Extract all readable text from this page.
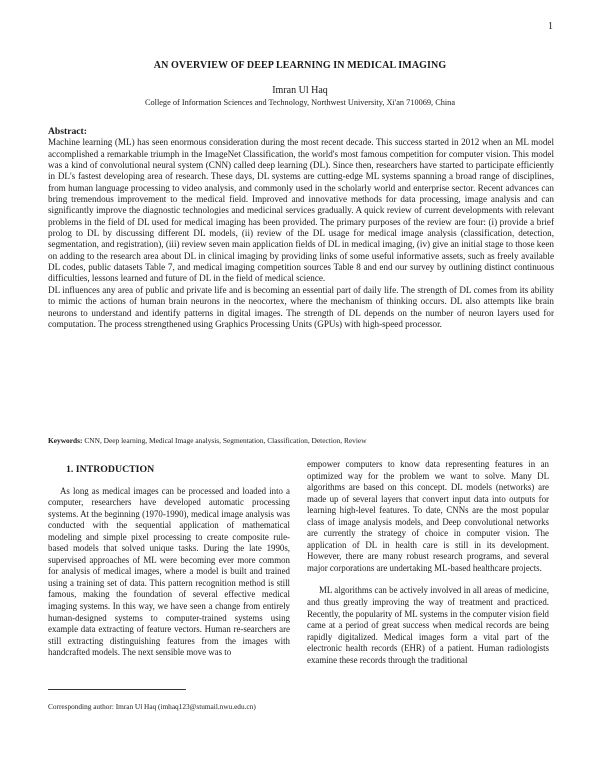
1
AN OVERVIEW OF DEEP LEARNING IN MEDICAL IMAGING
Imran Ul Haq
College of Information Sciences and Technology, Northwest University, Xi'an 710069, China
Abstract:

Machine learning (ML) has seen enormous consideration during the most recent decade. This success started in 2012 when an ML model accomplished a remarkable triumph in the ImageNet Classification, the world's most famous competition for computer vision. This model was a kind of convolutional neural system (CNN) called deep learning (DL). Since then, researchers have started to participate efficiently in DL's fastest developing area of research. These days, DL systems are cutting-edge ML systems spanning a broad range of disciplines, from human language processing to video analysis, and commonly used in the scholarly world and enterprise sector. Recent advances can bring tremendous improvement to the medical field. Improved and innovative methods for data processing, image analysis and can significantly improve the diagnostic technologies and medicinal services gradually. A quick review of current developments with relevant problems in the field of DL used for medical imaging has been provided. The primary purposes of the review are four: (i) provide a brief prolog to DL by discussing different DL models, (ii) review of the DL usage for medical image analysis (classification, detection, segmentation, and registration), (iii) review seven main application fields of DL in medical imaging, (iv) give an initial stage to those keen on adding to the research area about DL in clinical imaging by providing links of some useful informative assets, such as freely available DL codes, public datasets Table 7, and medical imaging competition sources Table 8 and end our survey by outlining distinct continuous difficulties, lessons learned and future of DL in the field of medical science.

DL influences any area of public and private life and is becoming an essential part of daily life. The strength of DL comes from its ability to mimic the actions of human brain neurons in the neocortex, where the mechanism of thinking occurs. DL also attempts like brain neurons to understand and identify patterns in digital images. The strength of DL depends on the number of neuron layers used for computation. The process strengthened using Graphics Processing Units (GPUs) with high-speed processor.

Keywords: CNN, Deep learning, Medical Image analysis, Segmentation, Classification, Detection, Review

1. INTRODUCTION

As long as medical images can be processed and loaded into a computer, researchers have developed automatic processing systems. At the beginning (1970-1990), medical image analysis was conducted with the sequential application of mathematical modeling and simple pixel processing to create composite rule-based models that solved unique tasks. During the late 1990s, supervised approaches of ML were becoming ever more common for analysis of medical images, where a model is built and trained using a training set of data. This pattern recognition method is still famous, making the foundation of several effective medical imaging systems. In this way, we have seen a change from entirely human-designed systems to computer-trained systems using example data extracting of feature vectors. Human re-searchers are still extracting distinguishing features from the images with handcrafted models. The next sensible move was to

empower computers to know data representing features in an optimized way for the problem we want to solve. Many DL algorithms are based on this concept. DL models (networks) are made up of several layers that convert input data into outputs for learning high-level features. To date, CNNs are the most popular class of image analysis models, and Deep convolutional networks are currently the strategy of choice in computer vision. The application of DL in health care is still in its development. However, there are many robust research programs, and several major corporations are undertaking ML-based healthcare projects.

ML algorithms can be actively involved in all areas of medicine, and thus greatly improving the way of treatment and practiced. Recently, the popularity of ML systems in the computer vision field came at a period of great success when medical records are being rapidly digitalized. Medical images form a vital part of the electronic health records (EHR) of a patient. Human radiologists examine these records through the traditional

Corresponding author: Imran Ul Haq (imhaq123@stumail.nwu.edu.cn)
